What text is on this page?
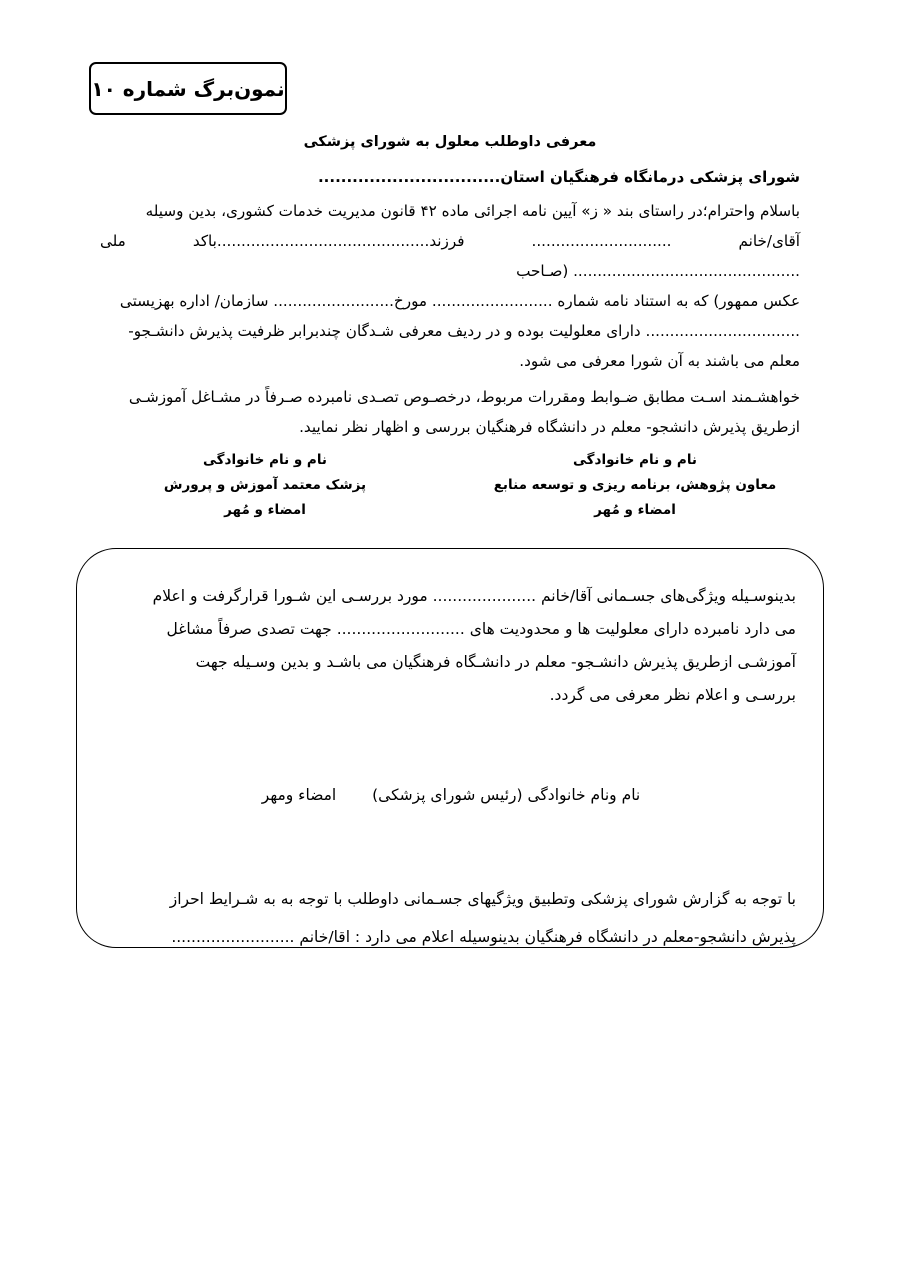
نمون‌برگ شماره ۱۰
معرفی داوطلب معلول به شورای پزشکی
شورای پزشکی درمانگاه فرهنگیان استان................................

باسلام واحترام؛در راستای بند « ز» آیین نامه اجرائی ماده ۴۲ قانون مدیریت خدمات کشوری، بدین وسیله

آقای/خانم ............................. فرزند............................................باکد ملی ............................................... (صـاحب

عکس ممهور) که به استناد نامه شماره ......................... مورخ......................... سازمان/ اداره بهزیستی

................................ دارای معلولیت بوده و در ردیف معرفی شـدگان چندبرابر ظرفیت پذیرش دانشـجو-

معلم می باشند به آن شورا معرفی می شود.

خواهشـمند اسـت مطابق ضـوابط ومقررات مربوط، درخصـوص تصـدی نامبرده صـرفاً در مشـاغل آموزشـی

ازطریق پذیرش دانشجو- معلم در دانشگاه فرهنگیان بررسی و اظهار نظر نمایید.

نام و نام خانوادگی
معاون پژوهش، برنامه ریزی و توسعه منابع
امضاء و مُهر
نام و نام خانوادگی
پزشک معتمد آموزش و پرورش
امضاء و مُهر

بدینوسـیله ویژگی‌های جسـمانی آقا/خانم ..................... مورد بررسـی این شـورا قرارگرفت و اعلام

می دارد نامبرده دارای معلولیت ها و محدودیت های .......................... جهت تصدی صرفاً مشاغل

آموزشـی ازطریق پذیرش دانشـجو- معلم در دانشـگاه فرهنگیان می باشـد و بدین وسـیله جهت

بررسـی و اعلام نظر معرفی می گردد.

نام ونام خانوادگی (رئیس شورای پزشکی)  امضاء ومهر

با توجه به گزارش شورای پزشکی وتطبیق ویژگیهای جسـمانی داوطلب با توجه به به شـرایط احراز

پذیرش دانشجو-معلم در دانشگاه فرهنگیان بدینوسیله اعلام می دارد : اقا/خانم .........................
